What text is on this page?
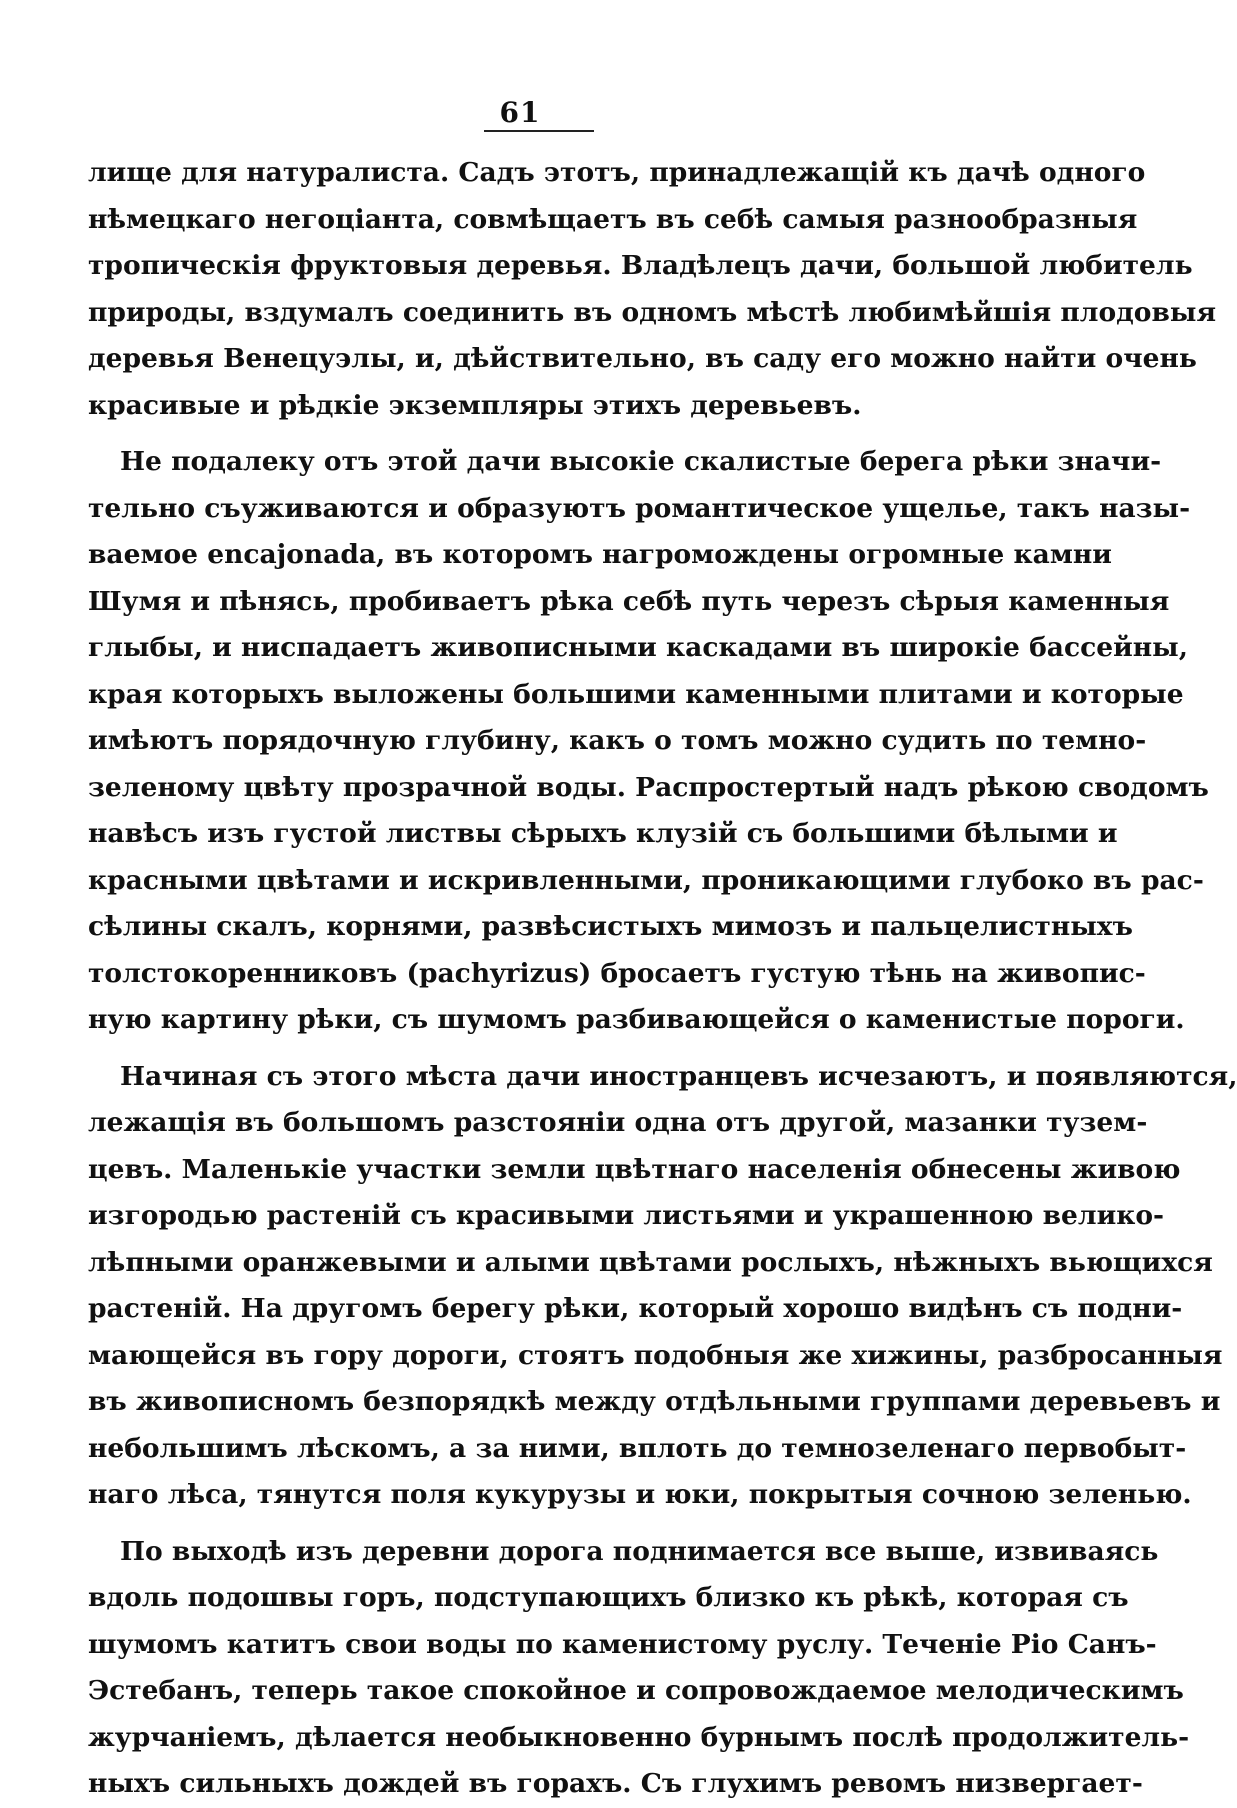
61

лище для натуралиста. Садъ этотъ, принадлежащій къ дачѣ одного
нѣмецкаго негоціанта, совмѣщаетъ въ себѣ самыя разнообразныя
тропическія фруктовыя деревья. Владѣлецъ дачи, большой любитель
природы, вздумалъ соединить въ одномъ мѣстѣ любимѣйшія плодовыя
деревья Венецуэлы, и, дѣйствительно, въ саду его можно найти очень
красивые и рѣдкіе экземпляры этихъ деревьевъ.

Не подалеку отъ этой дачи высокіе скалистые берега рѣки значи-
тельно съуживаются и образуютъ романтическое ущелье, такъ назы-
ваемое encajonada, въ которомъ нагромождены огромные камни
Шумя и пѣнясь, пробиваетъ рѣка себѣ путь черезъ сѣрыя каменныя
глыбы, и ниспадаетъ живописными каскадами въ широкіе бассейны,
края которыхъ выложены большими каменными плитами и которые
имѣютъ порядочную глубину, какъ о томъ можно судить по темно-
зеленому цвѣту прозрачной воды. Распростертый надъ рѣкою сводомъ
навѣсъ изъ густой листвы сѣрыхъ клузій съ большими бѣлыми и
красными цвѣтами и искривленными, проникающими глубоко въ рас-
сѣлины скалъ, корнями, развѣсистыхъ мимозъ и пальцелистныхъ
толстокоренниковъ (pachyrizus) бросаетъ густую тѣнь на живопис-
ную картину рѣки, съ шумомъ разбивающейся о каменистые пороги.

Начиная съ этого мѣста дачи иностранцевъ исчезаютъ, и появляются,
лежащія въ большомъ разстояніи одна отъ другой, мазанки тузем-
цевъ. Маленькіе участки земли цвѣтнаго населенія обнесены живою
изгородью растеній съ красивыми листьями и украшенною велико-
лѣпными оранжевыми и алыми цвѣтами рослыхъ, нѣжныхъ вьющихся
растеній. На другомъ берегу рѣки, который хорошо видѣнъ съ подни-
мающейся въ гору дороги, стоятъ подобныя же хижины, разбросанныя
въ живописномъ безпорядкѣ между отдѣльными группами деревьевъ и
небольшимъ лѣскомъ, а за ними, вплоть до темнозеленаго первобыт-
наго лѣса, тянутся поля кукурузы и юки, покрытыя сочною зеленью.

По выходѣ изъ деревни дорога поднимается все выше, извиваясь
вдоль подошвы горъ, подступающихъ близко къ рѣкѣ, которая съ
шумомъ катитъ свои воды по каменистому руслу. Теченіе Ріо Санъ-
Эстебанъ, теперь такое спокойное и сопровождаемое мелодическимъ
журчаніемъ, дѣлается необыкновенно бурнымъ послѣ продолжитель-
ныхъ сильныхъ дождей въ горахъ. Съ глухимъ ревомъ низвергает-
